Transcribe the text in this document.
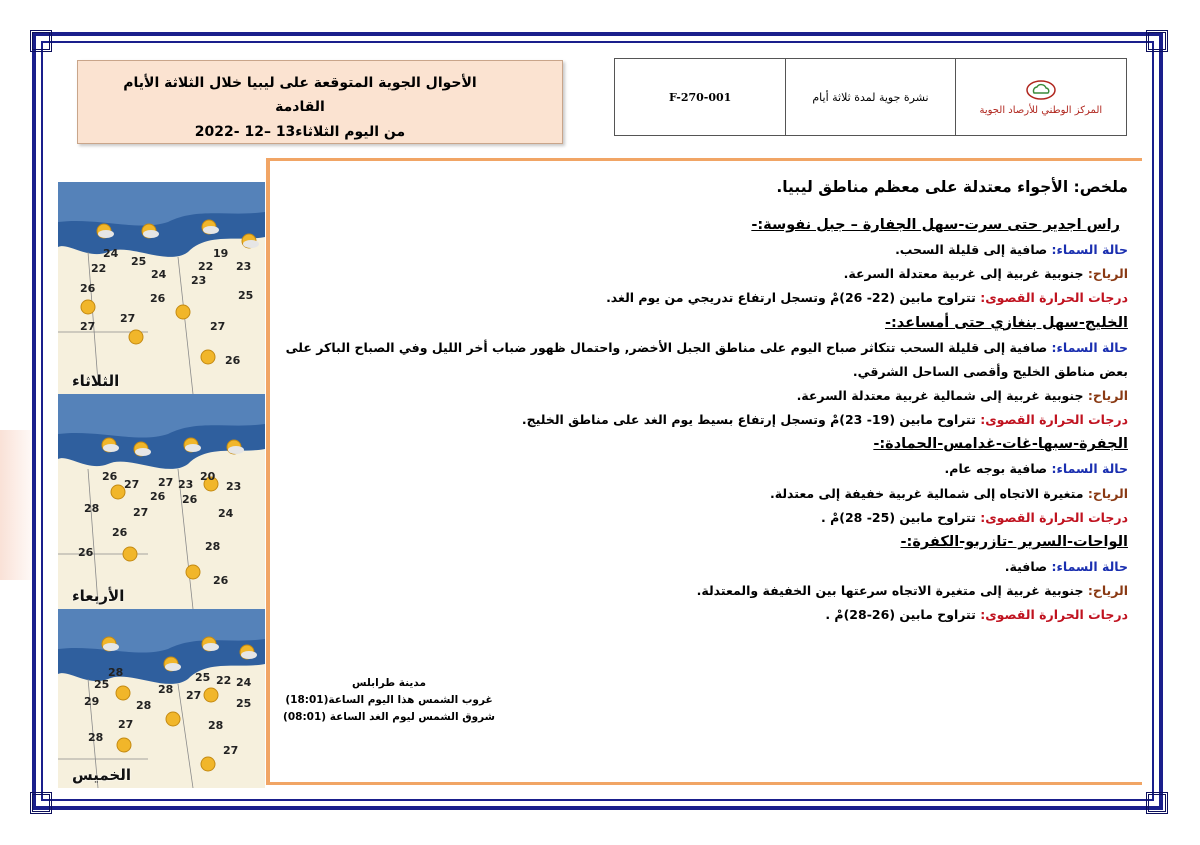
الأحوال الجوية المتوقعة على ليبيا خلال الثلاثة الأيام القادمة
من اليوم الثلاثاء13 –12 -2022
F-270-001	نشرة جوية لمدة ثلاثة أيام
المركز الوطني للأرصاد الجوية
24
25
24
19
22 23
22
23
26
26	25
27
27
27
26
الثلاثاء
26
27 27 20
23	23
26 26
28	27	24
26
26	28
26
الأربعاء
28
25	28
25 22 24
28
27
25
29
27
28
28
27
الخميس
ملخص: الأجواء معتدلة على معظم مناطق ليبيا.
راس اجدير حتى سرت-سهل الجفارة – جبل نفوسة:-
حالة السماء: صافية إلى قليلة السحب.
الرياح: جنوبية غربية إلى غربية معتدلة السرعة.
درجات الحرارة القصوى: تتراوح مابين (22- 26)مْ وتسجل ارتفاع تدريجي من يوم الغد.
الخليج-سهل بنغازي حتى أمساعد:-
حالة السماء: صافية إلى قليلة السحب تتكاثر صباح اليوم على مناطق الجبل الأخضر, واحتمال ظهور ضباب أخر الليل وفي الصباح الباكر على بعض مناطق الخليج وأقصى الساحل الشرقي.
الرياح: جنوبية غربية إلى شمالية غربية معتدلة السرعة.
درجات الحرارة القصوى: تتراوح مابين (19- 23)مْ وتسجل إرتفاع بسيط يوم الغد على مناطق الخليج.
الجفرة-سبها-غات-غدامس-الحمادة:-
حالة السماء: صافية بوجه عام.
الرياح: متغيرة الاتجاه إلى شمالية غربية خفيفة إلى معتدلة.
درجات الحرارة القصوى: تتراوح مابين (25- 28)مْ .
الواحات-السرير -تازربو-الكفرة:-
حالة السماء: صافية.
الرياح: جنوبية غربية إلى متغيرة الاتجاه سرعتها بين الخفيفة والمعتدلة.
درجات الحرارة القصوى: تتراوح مابين (26-28)مْ .
مدينة طرابلس
غروب الشمس هذا اليوم الساعة(18:01)
شروق الشمس ليوم الغد الساعة (08:01)
